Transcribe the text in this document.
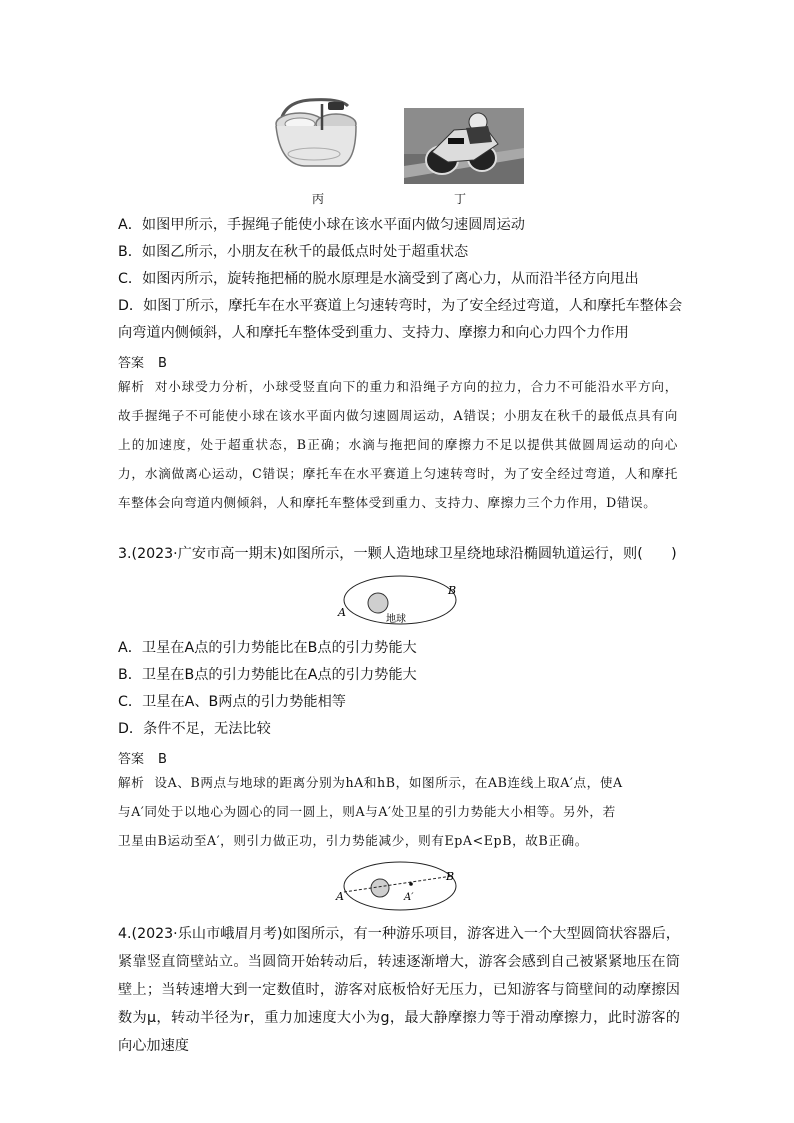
丙	丁
A．如图甲所示，手握绳子能使小球在该水平面内做匀速圆周运动
B．如图乙所示，小朋友在秋千的最低点时处于超重状态
C．如图丙所示，旋转拖把桶的脱水原理是水滴受到了离心力，从而沿半径方向甩出
D．如图丁所示，摩托车在水平赛道上匀速转弯时，为了安全经过弯道，人和摩托车整体会
向弯道内侧倾斜，人和摩托车整体受到重力、支持力、摩擦力和向心力四个力作用
答案 B
解析 对小球受力分析，小球受竖直向下的重力和沿绳子方向的拉力，合力不可能沿水平方向，故手握绳子不可能使小球在该水平面内做匀速圆周运动，A错误；小朋友在秋千的最低点具有向上的加速度，处于超重状态，B正确；水滴与拖把间的摩擦力不足以提供其做圆周运动的向心力，水滴做离心运动，C错误；摩托车在水平赛道上匀速转弯时，为了安全经过弯道，人和摩托车整体会向弯道内侧倾斜，人和摩托车整体受到重力、支持力、摩擦力三个力作用，D错误。
3.(2023·广安市高一期末)如图所示，一颗人造地球卫星绕地球沿椭圆轨道运行，则(　　)
A
B
地球
A．卫星在A点的引力势能比在B点的引力势能大
B．卫星在B点的引力势能比在A点的引力势能大
C．卫星在A、B两点的引力势能相等
D．条件不足，无法比较
答案 B
解析 设A、B两点与地球的距离分别为hA和hB，如图所示，在AB连线上取A′点，使A
与A′同处于以地心为圆心的同一圆上，则A与A′处卫星的引力势能大小相等。另外，若
卫星由B运动至A′，则引力做正功，引力势能减少，则有EpA<EpB，故B正确。
A
B
A′
4.(2023·乐山市峨眉月考)如图所示，有一种游乐项目，游客进入一个大型圆筒状容器后，紧靠竖直筒壁站立。当圆筒开始转动后，转速逐渐增大，游客会感到自己被紧紧地压在筒壁上；当转速增大到一定数值时，游客对底板恰好无压力，已知游客与筒壁间的动摩擦因数为μ，转动半径为r，重力加速度大小为g，最大静摩擦力等于滑动摩擦力，此时游客的向心加速度
